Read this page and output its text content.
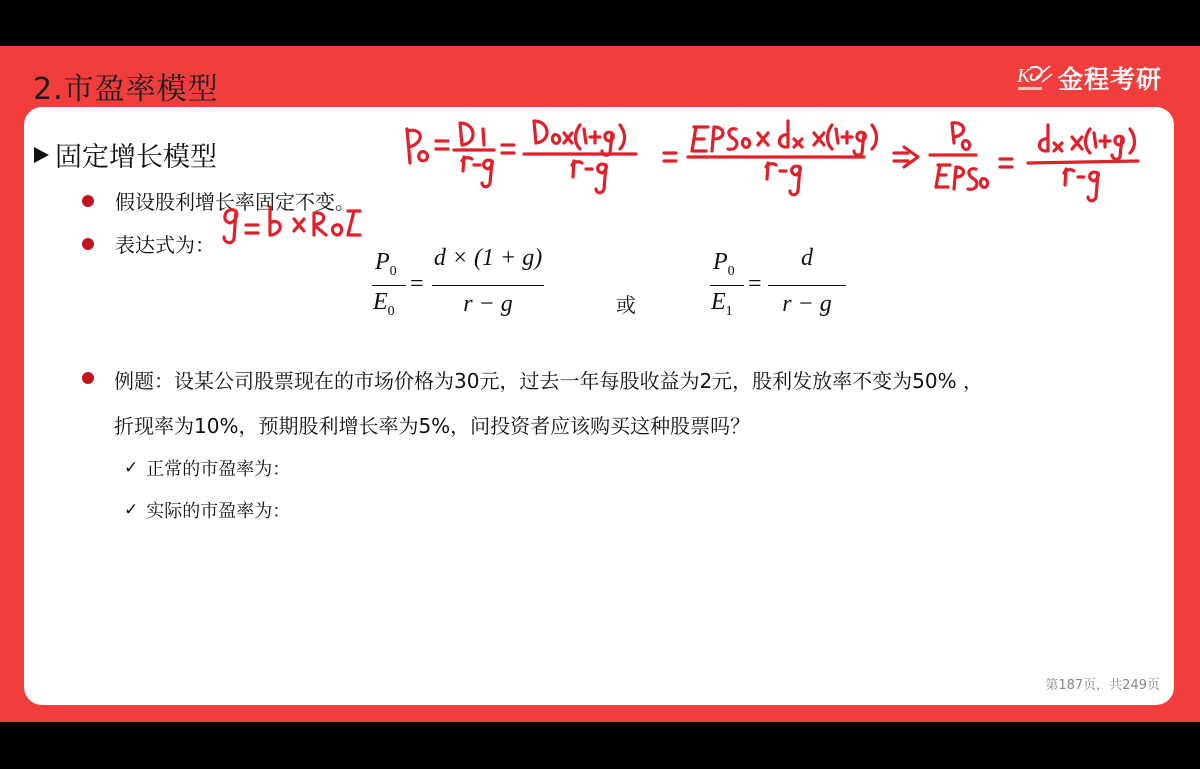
2.市盈率模型	K 金程考研
固定增长模型
假设股利增长率固定不变。
表达式为：
$P_0$
$E_0$
=
d × (1 + g)
r − g	或
$P_0$
$E_1$
=
d
r − g
例题：设某公司股票现在的市场价格为30元，过去一年每股收益为2元，股利发放率不变为50% ，
折现率为10%，预期股利增长率为5%，问投资者应该购买这种股票吗？
✓ 正常的市盈率为：
✓ 实际的市盈率为：
第187页，共249页
